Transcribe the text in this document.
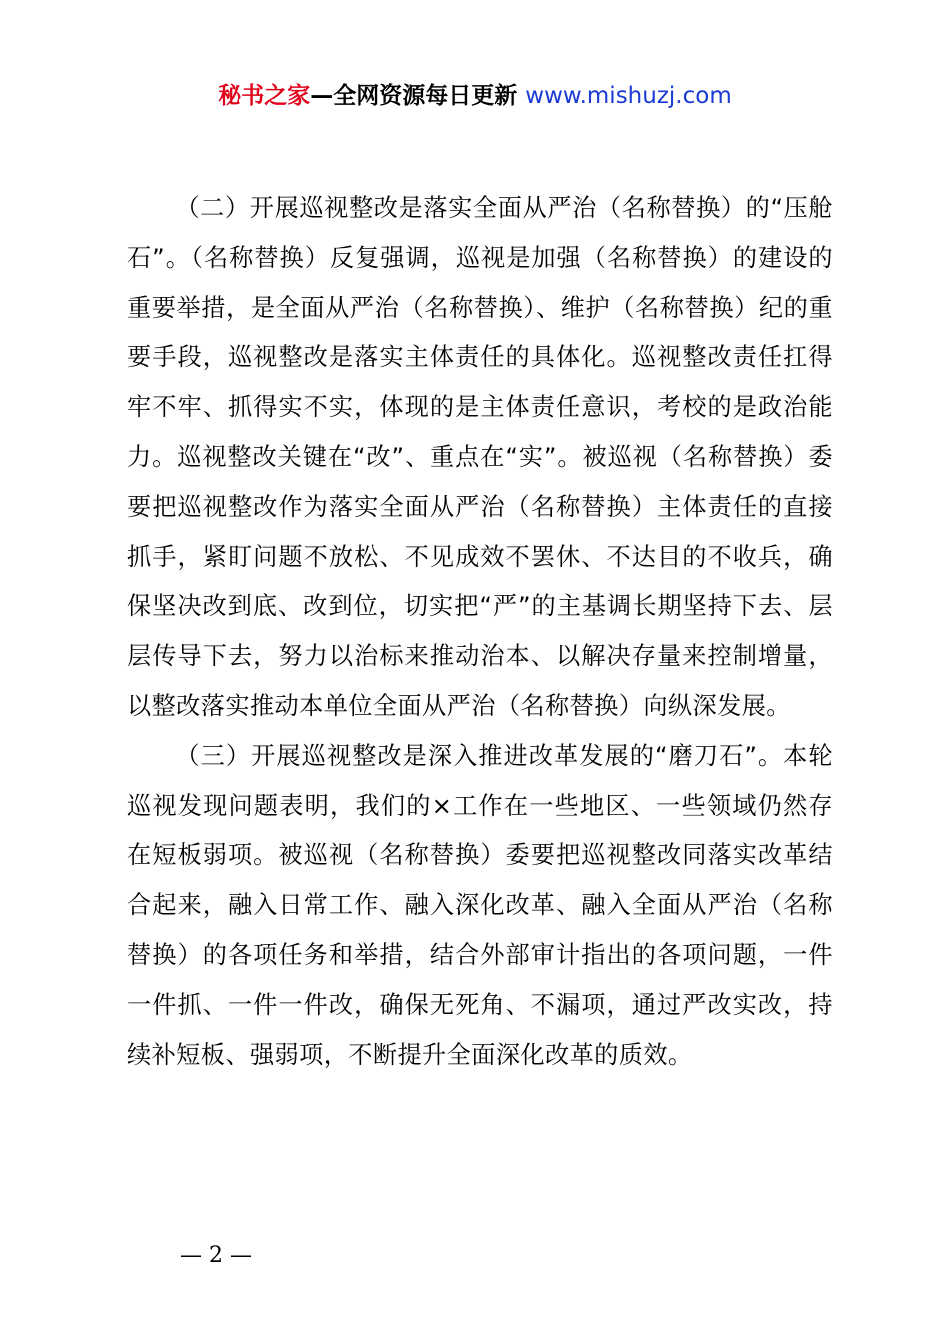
秘书之家—全网资源每日更新 www.mishuzj.com

（二）开展巡视整改是落实全面从严治（名称替换）的“压舱石”。（名称替换）反复强调，巡视是加强（名称替换）的建设的重要举措，是全面从严治（名称替换）、维护（名称替换）纪的重要手段，巡视整改是落实主体责任的具体化。巡视整改责任扛得牢不牢、抓得实不实，体现的是主体责任意识，考校的是政治能力。巡视整改关键在“改”、重点在“实”。被巡视（名称替换）委要把巡视整改作为落实全面从严治（名称替换）主体责任的直接抓手，紧盯问题不放松、不见成效不罢休、不达目的不收兵，确保坚决改到底、改到位，切实把“严”的主基调长期坚持下去、层层传导下去，努力以治标来推动治本、以解决存量来控制增量，以整改落实推动本单位全面从严治（名称替换）向纵深发展。

（三）开展巡视整改是深入推进改革发展的“磨刀石”。本轮巡视发现问题表明，我们的×工作在一些地区、一些领域仍然存在短板弱项。被巡视（名称替换）委要把巡视整改同落实改革结合起来，融入日常工作、融入深化改革、融入全面从严治（名称替换）的各项任务和举措，结合外部审计指出的各项问题，一件一件抓、一件一件改，确保无死角、不漏项，通过严改实改，持续补短板、强弱项，不断提升全面深化改革的质效。

— 2 —
